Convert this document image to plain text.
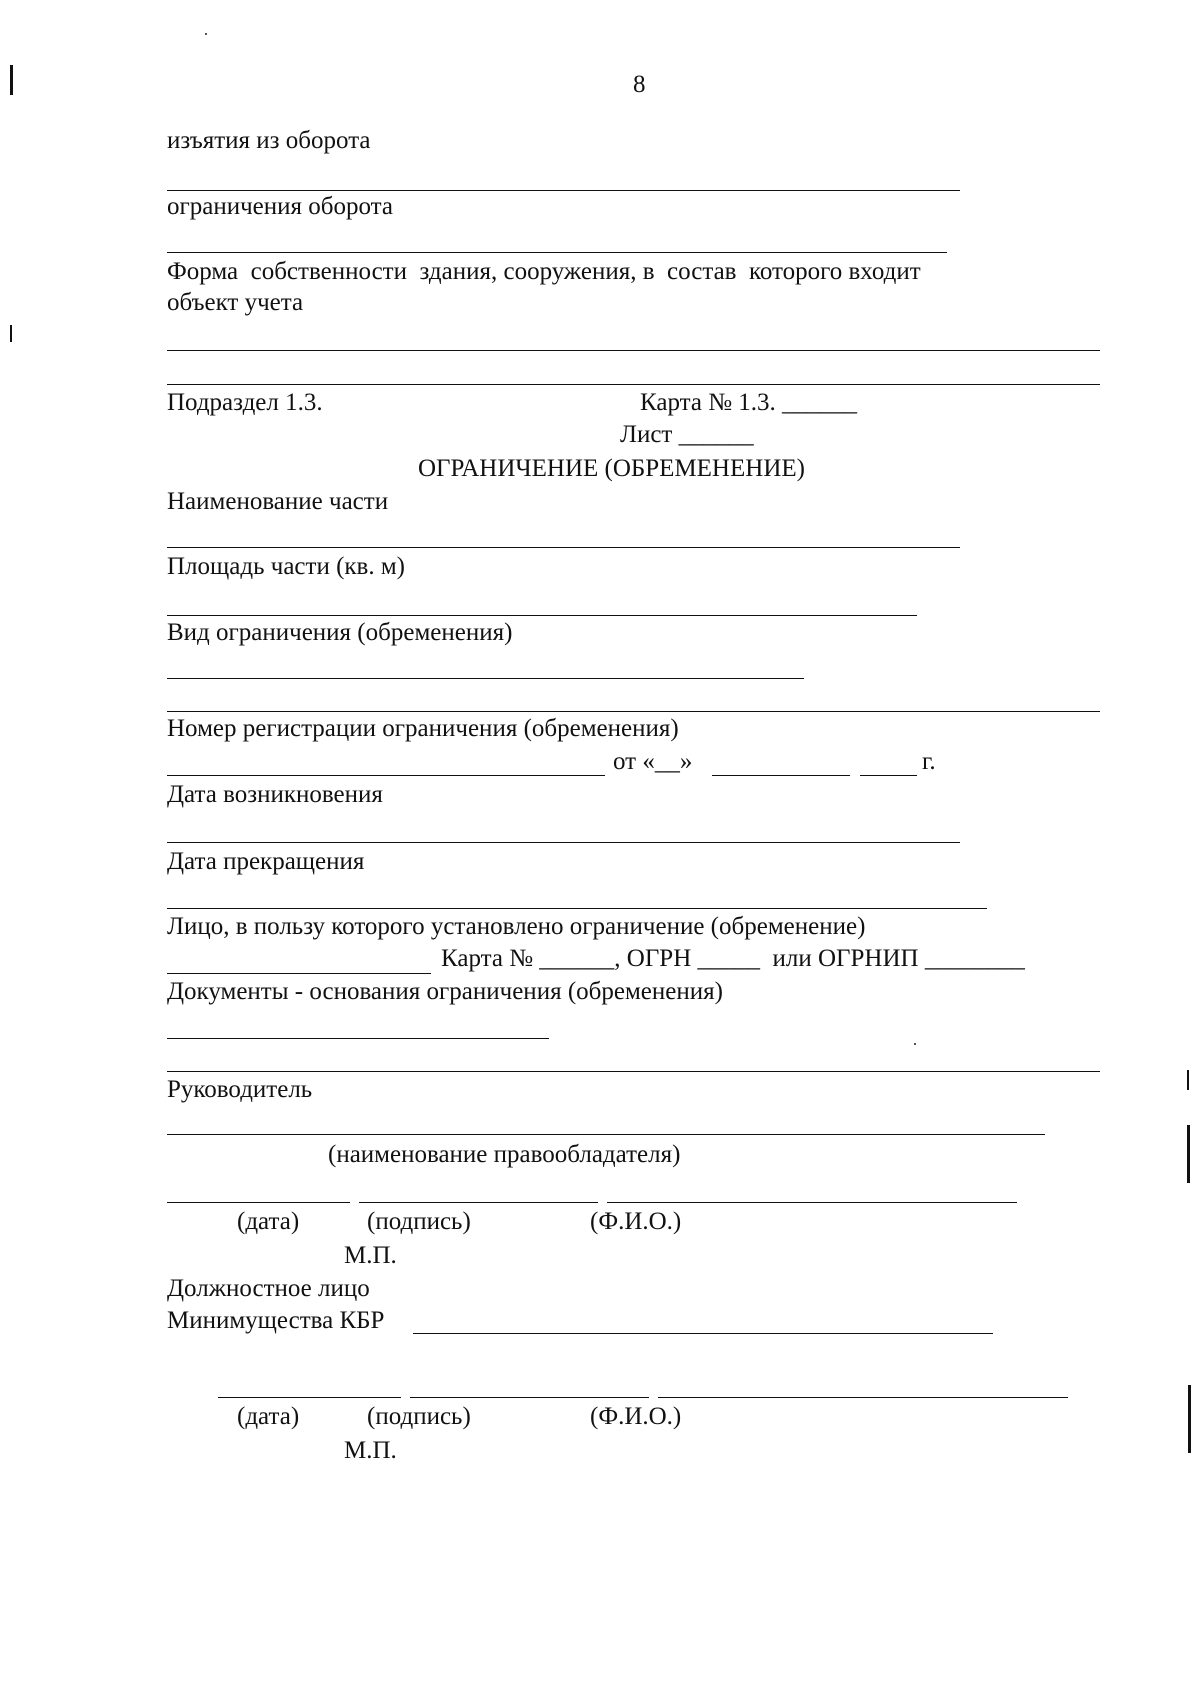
8
изъятия из оборота
ограничения оборота
Форма  собственности  здания, сооружения, в  состав  которого входит
объект учета
Подраздел 1.3.	Карта № 1.3. ______
Лист ______
ОГРАНИЧЕНИЕ (ОБРЕМЕНЕНИЕ)
Наименование части
Площадь части (кв. м)
Вид ограничения (обременения)
Номер регистрации ограничения (обременения)
от «__»	г.
Дата возникновения
Дата прекращения
Лицо, в пользу которого установлено ограничение (обременение)
Карта № ______, ОГРН _____  или ОГРНИП ________
Документы - основания ограничения (обременения)
Руководитель
(наименование правообладателя)
(дата)	(подпись)	(Ф.И.О.)
М.П.
Должностное лицо
Минимущества КБР
(дата)	(подпись)	(Ф.И.О.)
М.П.
